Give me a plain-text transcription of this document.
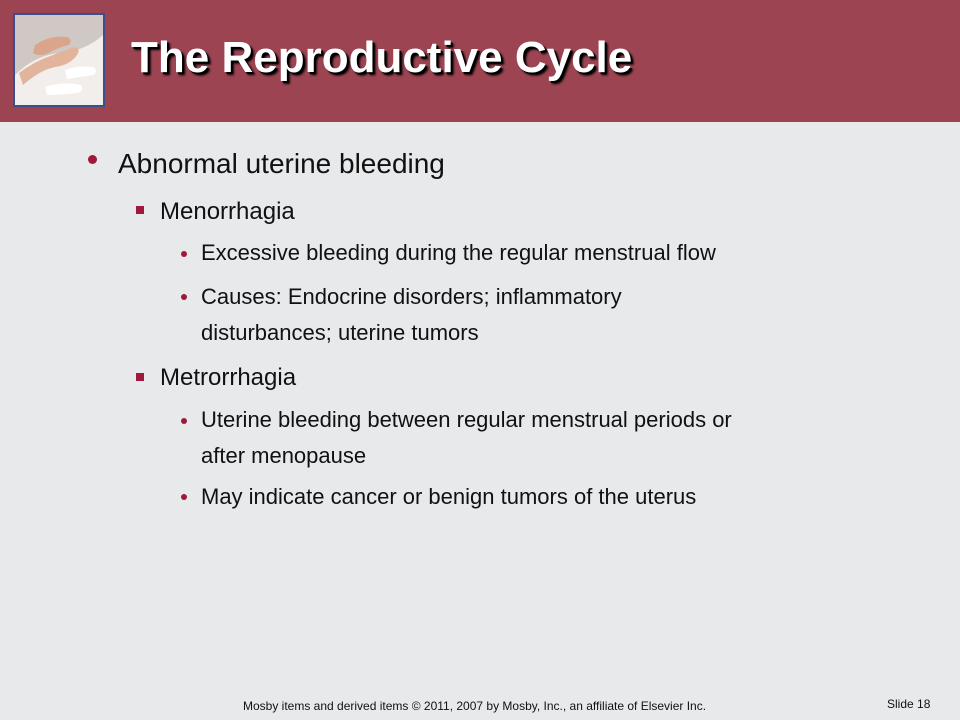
The Reproductive Cycle
Abnormal uterine bleeding
Menorrhagia
Excessive bleeding during the regular menstrual flow
Causes: Endocrine disorders; inflammatory
disturbances; uterine tumors
Metrorrhagia
Uterine bleeding between regular menstrual periods or
after menopause
May indicate cancer or benign tumors of the uterus
Mosby items and derived items © 2011, 2007 by Mosby, Inc., an affiliate of Elsevier Inc.	Slide 18
